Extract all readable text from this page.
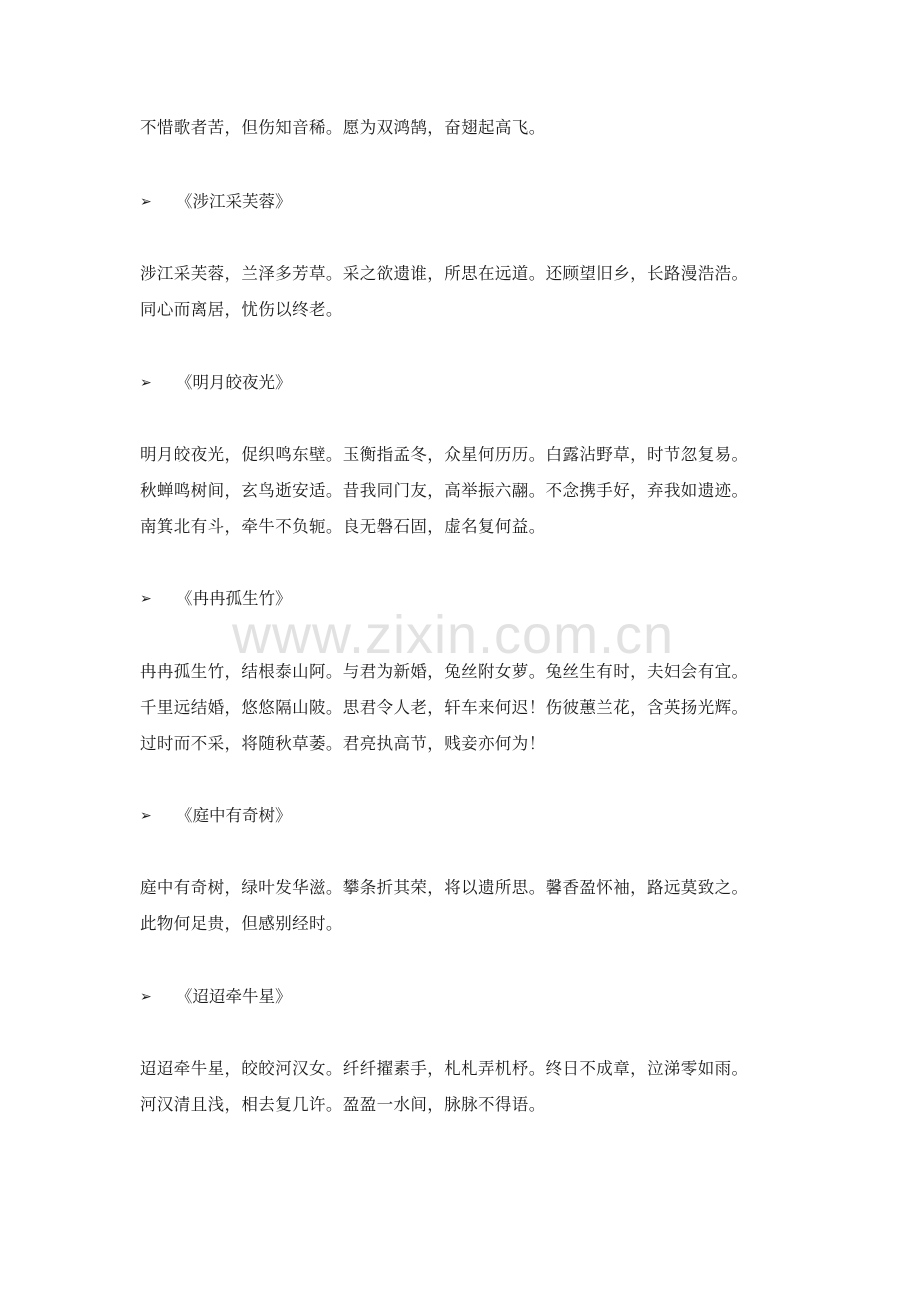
不惜歌者苦，但伤知音稀。愿为双鸿鹄，奋翅起高飞。

➢ 《涉江采芙蓉》

涉江采芙蓉，兰泽多芳草。采之欲遗谁，所思在远道。还顾望旧乡，长路漫浩浩。
同心而离居，忧伤以终老。

➢ 《明月皎夜光》

明月皎夜光，促织鸣东壁。玉衡指孟冬，众星何历历。白露沾野草，时节忽复易。
秋蝉鸣树间，玄鸟逝安适。昔我同门友，高举振六翮。不念携手好，弃我如遗迹。
南箕北有斗，牵牛不负轭。良无磐石固，虚名复何益。

➢ 《冉冉孤生竹》

冉冉孤生竹，结根泰山阿。与君为新婚，兔丝附女萝。兔丝生有时，夫妇会有宜。
千里远结婚，悠悠隔山陂。思君令人老，轩车来何迟！伤彼蕙兰花，含英扬光辉。
过时而不采，将随秋草萎。君亮执高节，贱妾亦何为！

➢ 《庭中有奇树》

庭中有奇树，绿叶发华滋。攀条折其荣，将以遗所思。馨香盈怀袖，路远莫致之。
此物何足贵，但感别经时。

➢ 《迢迢牵牛星》

迢迢牵牛星，皎皎河汉女。纤纤擢素手，札札弄机杼。终日不成章，泣涕零如雨。
河汉清且浅，相去复几许。盈盈一水间，脉脉不得语。

www.zixin.com.cn
